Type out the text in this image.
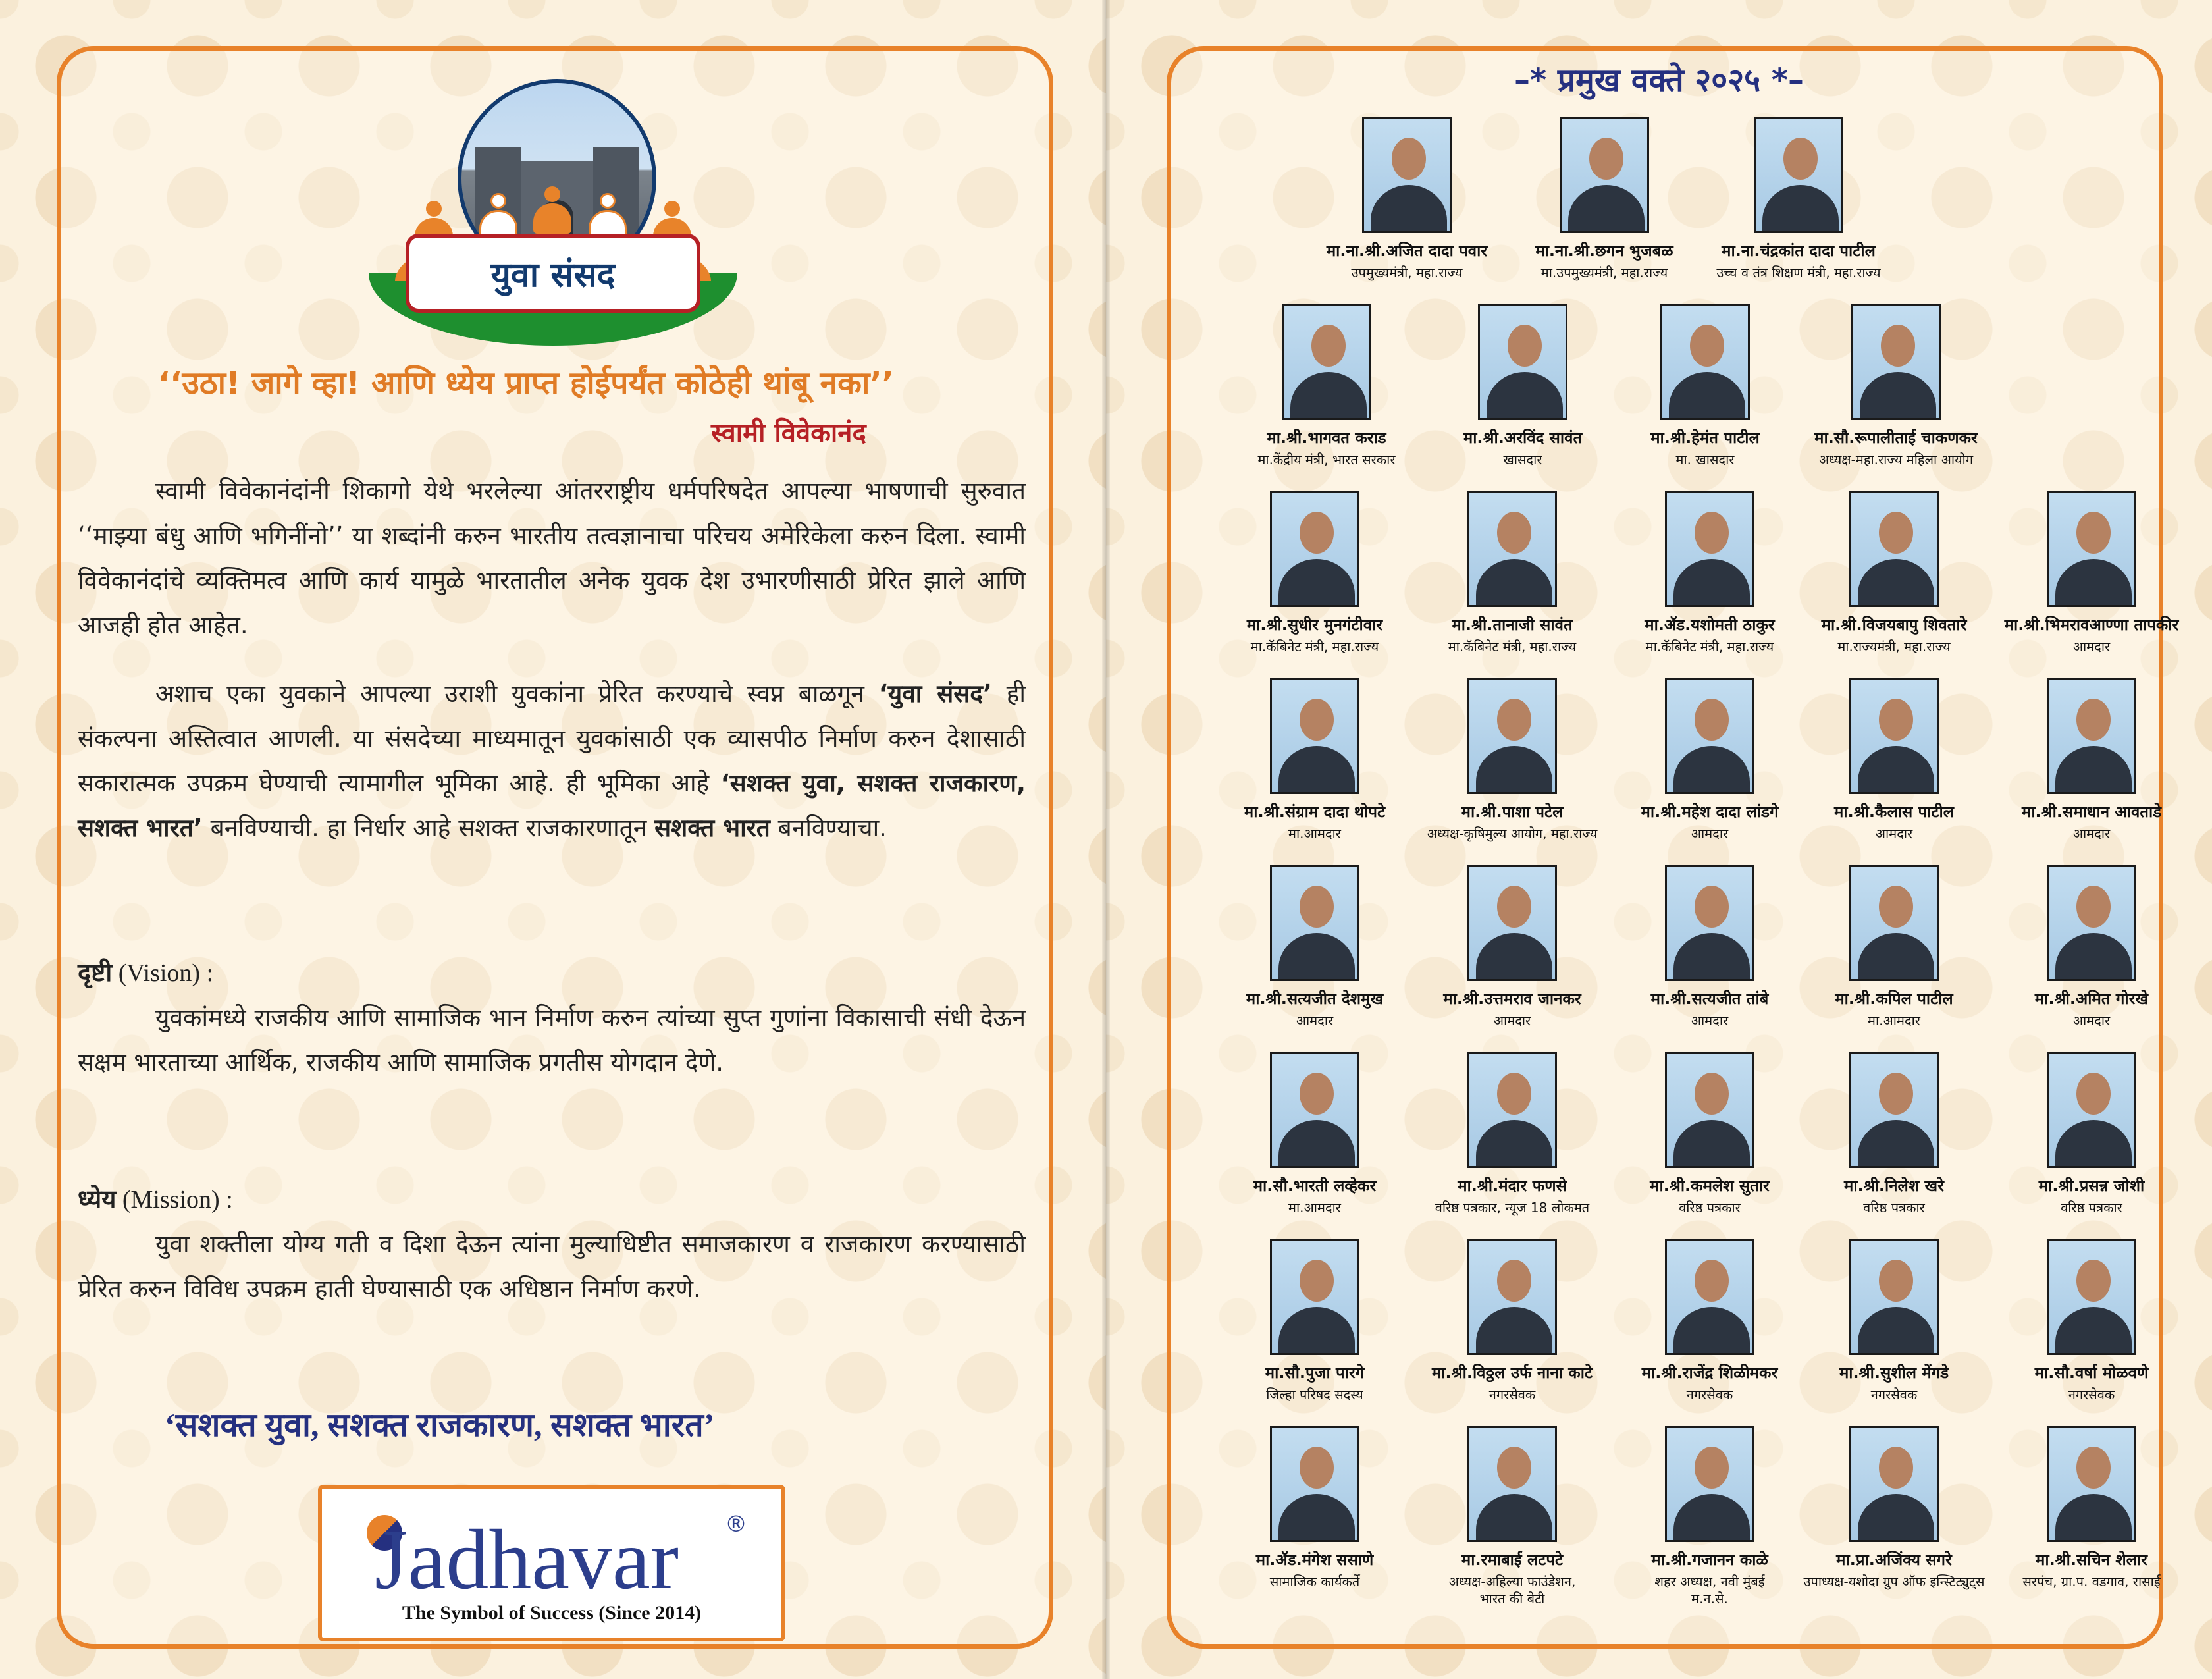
युवा संसद
‘‘उठा! जागे व्हा! आणि ध्येय प्राप्त होईपर्यंत कोठेही थांबू नका’’
स्वामी विवेकानंद

स्वामी विवेकानंदांनी शिकागो येथे भरलेल्या आंतरराष्ट्रीय धर्मपरिषदेत आपल्या भाषणाची सुरुवात ‘‘माझ्या बंधु आणि भगिनींनो’’ या शब्दांनी करुन भारतीय तत्वज्ञानाचा परिचय अमेरिकेला करुन दिला. स्वामी विवेकानंदांचे व्यक्तिमत्व आणि कार्य यामुळे भारतातील अनेक युवक देश उभारणीसाठी प्रेरित झाले आणि आजही होत आहेत.

अशाच एका युवकाने आपल्या उराशी युवकांना प्रेरित करण्याचे स्वप्न बाळगून ‘युवा संसद’ ही संकल्पना अस्तित्वात आणली. या संसदेच्या माध्यमातून युवकांसाठी एक व्यासपीठ निर्माण करुन देशासाठी सकारात्मक उपक्रम घेण्याची त्यामागील भूमिका आहे. ही भूमिका आहे ‘सशक्त युवा, सशक्त राजकारण, सशक्त भारत’ बनविण्याची. हा निर्धार आहे सशक्त राजकारणातून सशक्त भारत बनविण्याचा.

दृष्टी (Vision) :

युवकांमध्ये राजकीय आणि सामाजिक भान निर्माण करुन त्यांच्या सुप्त गुणांना विकासाची संधी देऊन सक्षम भारताच्या आर्थिक, राजकीय आणि सामाजिक प्रगतीस योगदान देणे.

ध्येय (Mission) :

युवा शक्तीला योग्य गती व दिशा देऊन त्यांना मुल्याधिष्टीत समाजकारण व राजकारण करण्यासाठी प्रेरित करुन विविध उपक्रम हाती घेण्यासाठी एक अधिष्ठान निर्माण करणे.

‘सशक्त युवा, सशक्त राजकारण, सशक्त भारत’
Jadhavar ®
The Symbol of Success (Since 2014)
–* प्रमुख वक्ते २०२५ *–
मा.ना.श्री.अजित दादा पवार
उपमुख्यमंत्री, महा.राज्य
मा.ना.श्री.छगन भुजबळ
मा.उपमुख्यमंत्री, महा.राज्य
मा.ना.चंद्रकांत दादा पाटील
उच्च व तंत्र शिक्षण मंत्री, महा.राज्य
मा.श्री.भागवत कराड
मा.केंद्रीय मंत्री, भारत सरकार
मा.श्री.अरविंद सावंत
खासदार
मा.श्री.हेमंत पाटील
मा. खासदार
मा.सौ.रूपालीताई चाकणकर
अध्यक्ष-महा.राज्य महिला आयोग
मा.श्री.सुधीर मुनगंटीवार
मा.कॅबिनेट मंत्री, महा.राज्य
मा.श्री.तानाजी सावंत
मा.कॅबिनेट मंत्री, महा.राज्य
मा.ॲड.यशोमती ठाकुर
मा.कॅबिनेट मंत्री, महा.राज्य
मा.श्री.विजयबापु शिवतारे
मा.राज्यमंत्री, महा.राज्य
मा.श्री.भिमरावआण्णा तापकीर
आमदार
मा.श्री.संग्राम दादा थोपटे
मा.आमदार
मा.श्री.पाशा पटेल
अध्यक्ष-कृषिमुल्य आयोग, महा.राज्य
मा.श्री.महेश दादा लांडगे
आमदार
मा.श्री.कैलास पाटील
आमदार
मा.श्री.समाधान आवताडे
आमदार
मा.श्री.सत्यजीत देशमुख
आमदार
मा.श्री.उत्तमराव जानकर
आमदार
मा.श्री.सत्यजीत तांबे
आमदार
मा.श्री.कपिल पाटील
मा.आमदार
मा.श्री.अमित गोरखे
आमदार
मा.सौ.भारती लव्हेकर
मा.आमदार
मा.श्री.मंदार फणसे
वरिष्ठ पत्रकार, न्यूज 18 लोकमत
मा.श्री.कमलेश सुतार
वरिष्ठ पत्रकार
मा.श्री.निलेश खरे
वरिष्ठ पत्रकार
मा.श्री.प्रसन्न जोशी
वरिष्ठ पत्रकार
मा.सौ.पुजा पारगे
जिल्हा परिषद सदस्य
मा.श्री.विठ्ठल उर्फ नाना काटे
नगरसेवक
मा.श्री.राजेंद्र शिळीमकर
नगरसेवक
मा.श्री.सुशील मेंगडे
नगरसेवक
मा.सौ.वर्षा मोळवणे
नगरसेवक
मा.ॲड.मंगेश ससाणे
सामाजिक कार्यकर्ते
मा.रमाबाई लटपटे
अध्यक्ष-अहिल्या फाउंडेशन,
भारत की बेटी
मा.श्री.गजानन काळे
शहर अध्यक्ष, नवी मुंबई
म.न.से.
मा.प्रा.अजिंक्य सगरे
उपाध्यक्ष-यशोदा ग्रुप ऑफ इन्स्टिट्युट्स
मा.श्री.सचिन शेलार
सरपंच, ग्रा.प. वडगाव, रासाई
